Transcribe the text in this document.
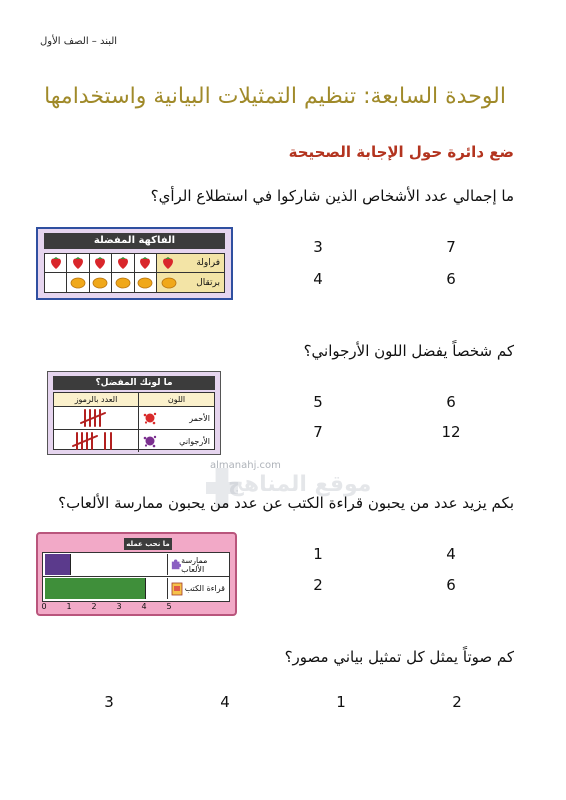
البند – الصف الأول
الوحدة السابعة: تنظيم التمثيلات البيانية واستخدامها
ضع دائرة حول الإجابة الصحيحة
ما إجمالي عدد الأشخاص الذين شاركوا في استطلاع الرأي؟
الفاكهة المفضلة
فراولة
برتقال
7
3
6
4
كم شخصاً يفضل اللون الأرجواني؟
ما لونك المفضل؟
اللون
العدد بالرموز
الأحمر
الأرجواني
6
5
12
7
almanahj.com
موقع المناهج
بكم يزيد عدد من يحبون قراءة الكتب عن عدد من يحبون ممارسة الألعاب؟
ما نحب عمله
ممارسة الألعاب
قراءة الكتب
0 1 2 3 4 5
4
1
6
2
كم صوتاً يمثل كل تمثيل بياني مصور؟
2
1
4
3
